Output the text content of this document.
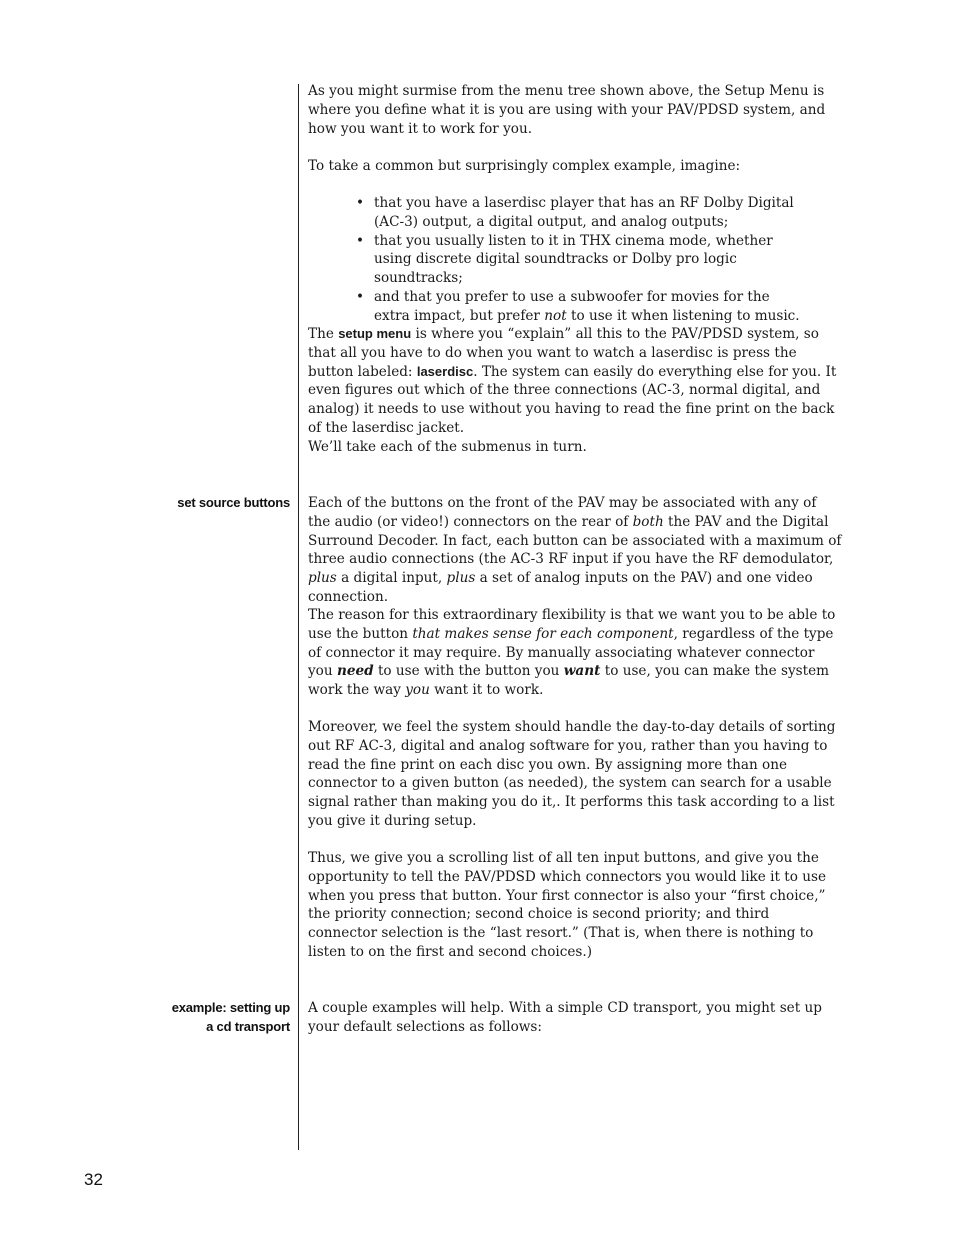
As you might surmise from the menu tree shown above, the Setup Menu is where you define what it is you are using with your PAV/PDSD system, and how you want it to work for you.

To take a common but surprisingly complex example, imagine:

• that you have a laserdisc player that has an RF Dolby Digital (AC-3) output, a digital output, and analog outputs;
• that you usually listen to it in THX cinema mode, whether using discrete digital soundtracks or Dolby pro logic soundtracks;
• and that you prefer to use a subwoofer for movies for the extra impact, but prefer not to use it when listening to music.

The setup menu is where you “explain” all this to the PAV/PDSD system, so that all you have to do when you want to watch a laserdisc is press the button labeled: laserdisc. The system can easily do everything else for you. It even figures out which of the three connections (AC-3, normal digital, and analog) it needs to use without you having to read the fine print on the back of the laserdisc jacket.

We’ll take each of the submenus in turn.

set source buttons Each of the buttons on the front of the PAV may be associated with any of the audio (or video!) connectors on the rear of both the PAV and the Digital Surround Decoder. In fact, each button can be associated with a maximum of three audio connections (the AC-3 RF input if you have the RF demodulator, plus a digital input, plus a set of analog inputs on the PAV) and one video connection.

The reason for this extraordinary flexibility is that we want you to be able to use the button that makes sense for each component, regardless of the type of connector it may require. By manually associating whatever connector you need to use with the button you want to use, you can make the system work the way you want it to work.

Moreover, we feel the system should handle the day-to-day details of sorting out RF AC-3, digital and analog software for you, rather than you having to read the fine print on each disc you own. By assigning more than one connector to a given button (as needed), the system can search for a usable signal rather than making you do it,. It performs this task according to a list you give it during setup.

Thus, we give you a scrolling list of all ten input buttons, and give you the opportunity to tell the PAV/PDSD which connectors you would like it to use when you press that button. Your first connector is also your “first choice,” the priority connection; second choice is second priority; and third connector selection is the “last resort.” (That is, when there is nothing to listen to on the first and second choices.)

example: setting up
a cd transport

A couple examples will help. With a simple CD transport, you might set up your default selections as follows:

32
